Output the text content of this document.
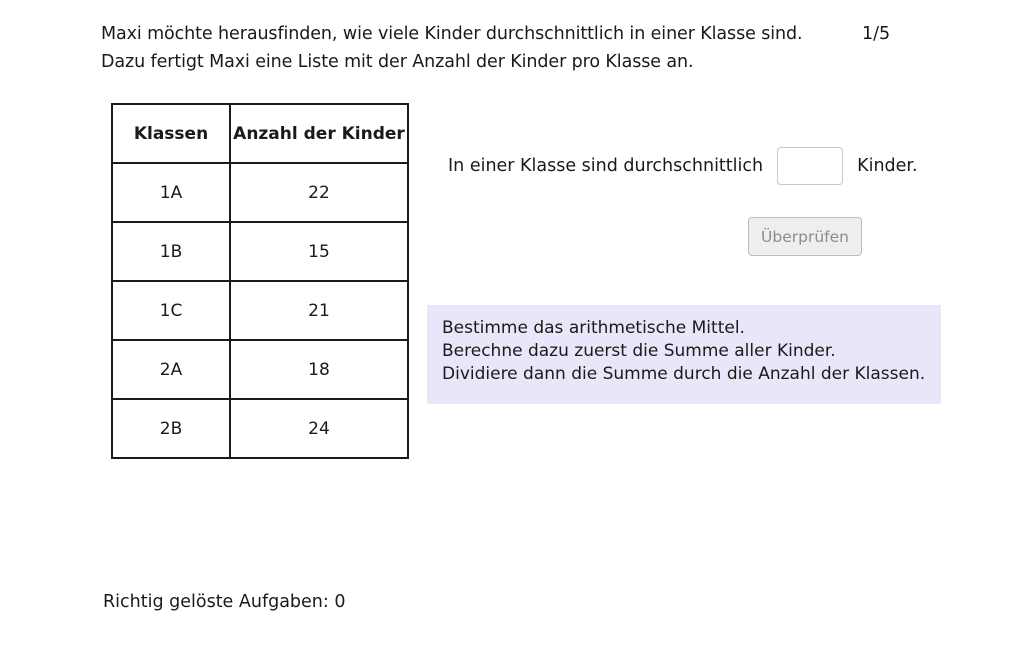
Maxi möchte herausfinden, wie viele Kinder durchschnittlich in einer Klasse sind.
Dazu fertigt Maxi eine Liste mit der Anzahl der Kinder pro Klasse an.
1/5
Klassen	Anzahl der Kinder
1A	22
1B	15
1C	21
2A	18
2B	24
In einer Klasse sind durchschnittlich	Kinder.
Überprüfen
Bestimme das arithmetische Mittel.
Berechne dazu zuerst die Summe aller Kinder.
Dividiere dann die Summe durch die Anzahl der Klassen.
Richtig gelöste Aufgaben: 0
